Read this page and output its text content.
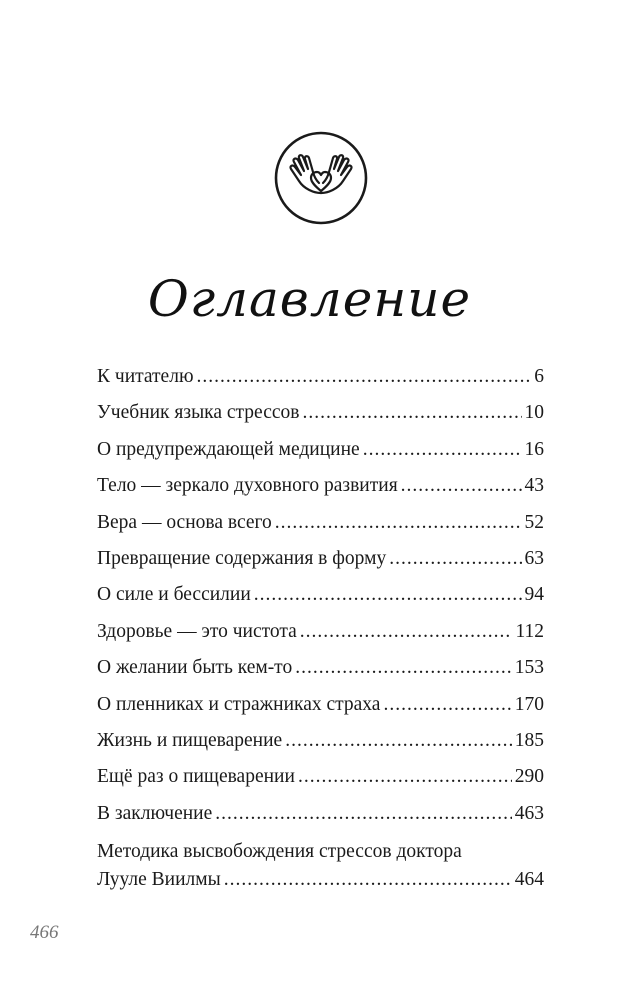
Оглавление
К читателю .....	6
Учебник языка стрессов .....	10
О предупреждающей медицине .....	16
Тело — зеркало духовного развития .....	43
Вера — основа всего .....	52
Превращение содержания в форму .....	63
О силе и бессилии .....	94
Здоровье — это чистота .....	112
О желании быть кем-то .....	153
О пленниках и стражниках страха .....	170
Жизнь и пищеварение .....	185
Ещё раз о пищеварении .....	290
В заключение .....	463
Методика высвобождения стрессов доктора
Лууле Виилмы .....	464
466
